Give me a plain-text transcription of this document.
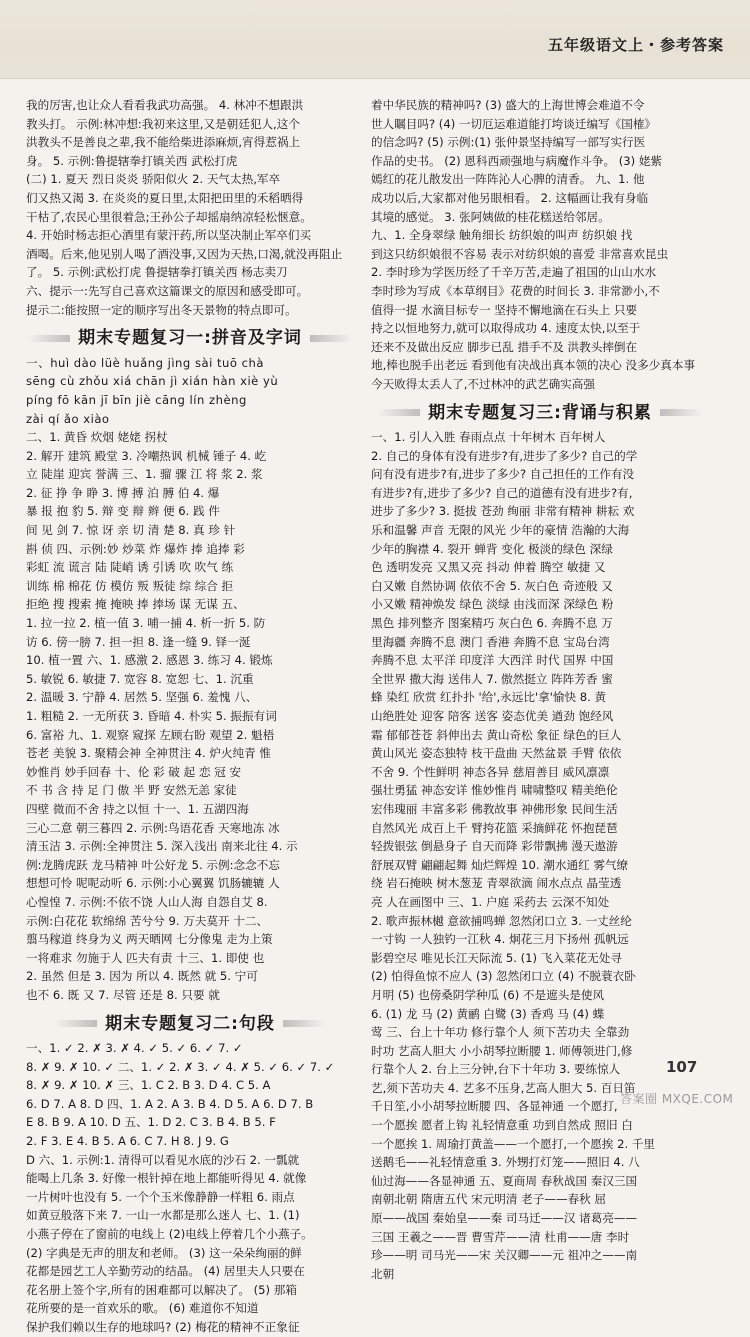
五年级语文上・参考答案

我的厉害,也让众人看看我武功高强。 4. 林冲不想跟洪

教头打。 示例:林冲想:我初来这里,又是朝廷犯人,这个

洪教头不是善良之辈,我不能给柴进添麻烦,宵得惹祸上

身。 5. 示例:鲁提辖拳打镇关西 武松打虎

(二) 1. 夏天 烈日炎炎 骄阳似火 2. 天气太热,军卒

们又热又渴 3. 在炎炎的夏日里,太阳把田里的禾稻晒得

干枯了,农民心里很着急;王孙公子却摇扇纳凉轻松惬意。

4. 开始时杨志拒心酒里有蒙汗药,所以坚决制止军卒们买

酒喝。后来,他见别人喝了酒没事,又因为天热,口渴,就没再阻止

了。 5. 示例:武松打虎 鲁提辖拳打镇关西 杨志卖刀

六、提示一:先写自己喜欢这篇课文的原因和感受即可。

提示二:能按照一定的顺序写出冬天景物的特点即可。

期末专题复习一:拼音及字词

一、huì dào lüè huǎng jìng sài tuō chà

sēng cù zhǒu xiá chān jì xián hàn xiè yù

píng fō kān jī bīn jiè cāng lín zhèng

zài qí ǎo xiào

二、1. 黄昏 炊烟 姥姥 拐杖

2. 解开 建筑 殿堂 3. 冷嘲热讽 机械 锤子 4. 屹

立 陡崖 迎宾 誉满 三、1. 骝 骤 江 将 浆 2. 浆

2. 征 挣 争 睁 3. 博 搏 泊 膊 伯 4. 爆

暴 报 抱 豹 5. 辩 变 辩 辫 便 6. 践 件

间 见 剑 7. 惊 讶 亲 切 清 楚 8. 真 珍 针

斟 侦 四、示例:妙 炒菜 炸 爆炸 捧 追捧 彩

彩虹 流 谎言 陆 陡峭 诱 引诱 吹 吹气 练

训练 棉 棉花 仿 模仿 叛 叛徒 综 综合 拒

拒绝 搜 搜索 掩 掩映 捧 捧场 谋 无谋 五、

1. 拉一拉 2. 植一值 3. 哺一捕 4. 析一折 5. 防

访 6. 傍一膀 7. 担一担 8. 逢一缝 9. 铎一涎

10. 植一置 六、1. 感激 2. 感恩 3. 练习 4. 锻炼

5. 敏锐 6. 敏捷 7. 宽容 8. 宽恕 七、1. 沉重

2. 温暖 3. 宁静 4. 居然 5. 坚强 6. 羞愧 八、

1. 粗糙 2. 一无所获 3. 昏暗 4. 朴实 5. 振振有词

6. 富裕 九、1. 观察 窥探 左顾右盼 观望 2. 魁梧

苍老 美貌 3. 聚精会神 全神贯注 4. 炉火纯青 惟

妙惟肖 妙手回春 十、伦 彩 破 起 恋 冠 安

不 书 含 持 足 门 傲 半 野 安然无恙 家徒

四壁 微而不舍 持之以恒 十一、1. 五湖四海

三心二意 朝三暮四 2. 示例:鸟语花香 天寒地冻 冰

清玉洁 3. 示例:全神贯注 5. 深入浅出 南来北往 4. 示

例:龙腾虎跃 龙马精神 叶公好龙 5. 示例:念念不忘

想想可怜 呢呢动听 6. 示例:小心翼翼 饥肠辘辘 人

心惶惶 7. 示例:不依不饶 人山人海 自怨自艾 8.

示例:白花花 软绵绵 苦兮兮 9. 万夫莫开 十二、

翦马稼道 终身为义 两天晒网 七分像鬼 走为上策

一将难求 勿施于人 匹夫有责 十三、1. 即使 也

2. 虽然 但是 3. 因为 所以 4. 既然 就 5. 宁可

也不 6. 既 又 7. 尽管 还是 8. 只要 就

期末专题复习二:句段

一、1. ✓ 2. ✗ 3. ✗ 4. ✓ 5. ✓ 6. ✓ 7. ✓

8. ✗ 9. ✗ 10. ✓ 二、1. ✓ 2. ✗ 3. ✓ 4. ✗ 5. ✓ 6. ✓ 7. ✓

8. ✗ 9. ✗ 10. ✗ 三、1. C 2. B 3. D 4. C 5. A

6. D 7. A 8. D 四、1. A 2. A 3. B 4. D 5. A 6. D 7. B

E 8. B 9. A 10. D 五、1. D 2. C 3. B 4. B 5. F

2. F 3. E 4. B 5. A 6. C 7. H 8. J 9. G

D 六、1. 示例:1. 清得可以看见水底的沙石 2. 一瓢就

能喝上几条 3. 好像一根针掉在地上都能听得见 4. 就像

一片树叶也没有 5. 一个个玉米像静静一样粗 6. 雨点

如黄豆般落下来 7. 一山一水都是那么迷人 七、1. (1)

小燕子停在了窗前的电线上 (2)电线上停着几个小燕子。

(2) 字典是无声的朋友和老师。 (3) 这一朵朵绚丽的鲜

花都是园艺工人辛勤劳动的结晶。 (4) 居里夫人只要在

花名册上签个字,所有的困难都可以解决了。 (5) 那箱

花所要的是一首欢乐的歌。 (6) 难道你不知道

保护我们赖以生存的地球吗? (2) 梅花的精神不正象征

着中华民族的精神吗? (3) 盛大的上海世博会难道不令

世人瞩目吗? (4) 一切厄运难道能打垮谈迁编写《国榷》

的信念吗? (5) 示例:(1) 张仲景坚持编写一部写实行医

作品的史书。 (2) 恩科西顽强地与病魔作斗争。 (3) 姥紫

嫣红的花儿散发出一阵阵沁人心脾的清香。 九、1. 他

成功以后,大家都对他另眼相看。 2. 这幅画让我有身临

其境的感觉。 3. 张阿姨做的桂花糕送给邻居。

九、1. 全身翠绿 触角细长 纺织娘的叫声 纺织娘 找

到这只纺织娘很不容易 表示对纺织娘的喜爱 非常喜欢昆虫

2. 李时珍为学医历经了千辛万苦,走遍了祖国的山山水水

李时珍为写成《本草纲目》花费的时间长 3. 非常渺小,不

值得一提 水滴目标专一 坚持不懈地滴在石头上 只要

持之以恒地努力,就可以取得成功 4. 速度太快,以至于

还来不及做出反应 脚步已乱 措手不及 洪教头摔倒在

地,棒也脱手出老远 看到他有决战出真本领的决心 没多少真本事

今天败得太丢人了,不过林冲的武艺确实高强

期末专题复习三:背诵与积累

一、1. 引人入胜 春雨点点 十年树木 百年树人

2. 自己的身体有没有进步?有,进步了多少? 自己的学

问有没有进步?有,进步了多少? 自己担任的工作有没

有进步?有,进步了多少? 自己的道德有没有进步?有,

进步了多少? 3. 挺拔 苍劲 绚丽 非常有精神 耕耘 欢

乐和温馨 声音 无限的风光 少年的豪情 浩瀚的大海

少年的胸襟 4. 裂开 蝉背 变化 极淡的绿色 深绿

色 透明发亮 又黑又亮 抖动 伸着 腾空 敏捷 又

白又嫩 自然协调 依依不舍 5. 灰白色 奇迹般 又

小又嫩 精神焕发 绿色 淡绿 由浅而深 深绿色 粉

黑色 排列整齐 图案精巧 灰白色 6. 奔腾不息 万

里海疆 奔腾不息 澳门 香港 奔腾不息 宝岛台湾

奔腾不息 太平洋 印度洋 大西洋 时代 国界 中国

全世界 撒大海 送伟人 7. 傲然挺立 阵阵芳香 蜜

蜂 染红 欣赏 红扑扑 '给',永远比'拿'愉快 8. 黄

山绝胜处 迎客 陪客 送客 姿态优美 遒劲 饱经风

霜 郁郁苍苍 斜伸出去 黄山奇松 象征 绿色的巨人

黄山风光 姿态独特 枝干盘曲 天然盆景 手臂 依依

不舍 9. 个性鲜明 神态各异 慈眉善目 威风凛凛

强壮勇猛 神态安详 惟妙惟肖 啸啸整叹 精美绝伦

宏伟瑰丽 丰富多彩 佛教故事 神佛形象 民间生活

自然风光 成百上千 臂挎花篮 采摘鲜花 怀抱琵琶

轻拨银弦 倒悬身子 自天而降 彩带飘拂 漫天遨游

舒展双臂 翩翩起舞 灿烂辉煌 10. 潮水通红 雾气缭

绕 岩石掩映 树木葱茏 青翠欲滴 闹水点点 晶莹透

亮 人在画图中 三、1. 户庭 采药去 云深不知处

2. 歌声振林樾 意欲捕鸣蝉 忽然闭口立 3. 一丈丝纶

一寸钩 一人独钓一江秋 4. 炯花三月下扬州 孤帆远

影碧空尽 唯见长江天际流 5. (1) 飞入菜花无处寻

(2) 怕得鱼惊不应人 (3) 忽然闭口立 (4) 不脱蓑衣卧

月明 (5) 也傍桑阴学种瓜 (6) 不是遮头是使风

6. (1) 龙 马 (2) 黄鹂 白鹭 (3) 香鸡 马 (4) 蝶

莺 三、台上十年功 修行靠个人 须下苦功夫 全靠劲

时功 艺高人胆大 小小胡琴拉断腰 1. 师傅领进门,修

行靠个人 2. 台上三分钟,台下十年功 3. 要练惊人

艺,须下苦功夫 4. 艺多不压身,艺高人胆大 5. 百日笛

千日笙,小小胡琴拉断腰 四、各显神通 一个愿打,

一个愿挨 愿者上钩 礼轻情意重 功到自然成 照旧 白

一个愿挨 1. 周瑜打黄盖——一个愿打,一个愿挨 2. 千里

送鹅毛——礼轻情意重 3. 外甥打灯笼——照旧 4. 八

仙过海——各显神通 五、夏商周 春秋战国 秦汉三国

南朝北朝 隋唐五代 宋元明清 老子——春秋 屈

原——战国 秦始皇——秦 司马迁——汉 诸葛亮——

三国 王羲之——晋 曹雪芹——清 杜甫——唐 李时

珍——明 司马光——宋 关汉卿——元 祖冲之——南

北朝

107
答案圈 MXQE.COM
